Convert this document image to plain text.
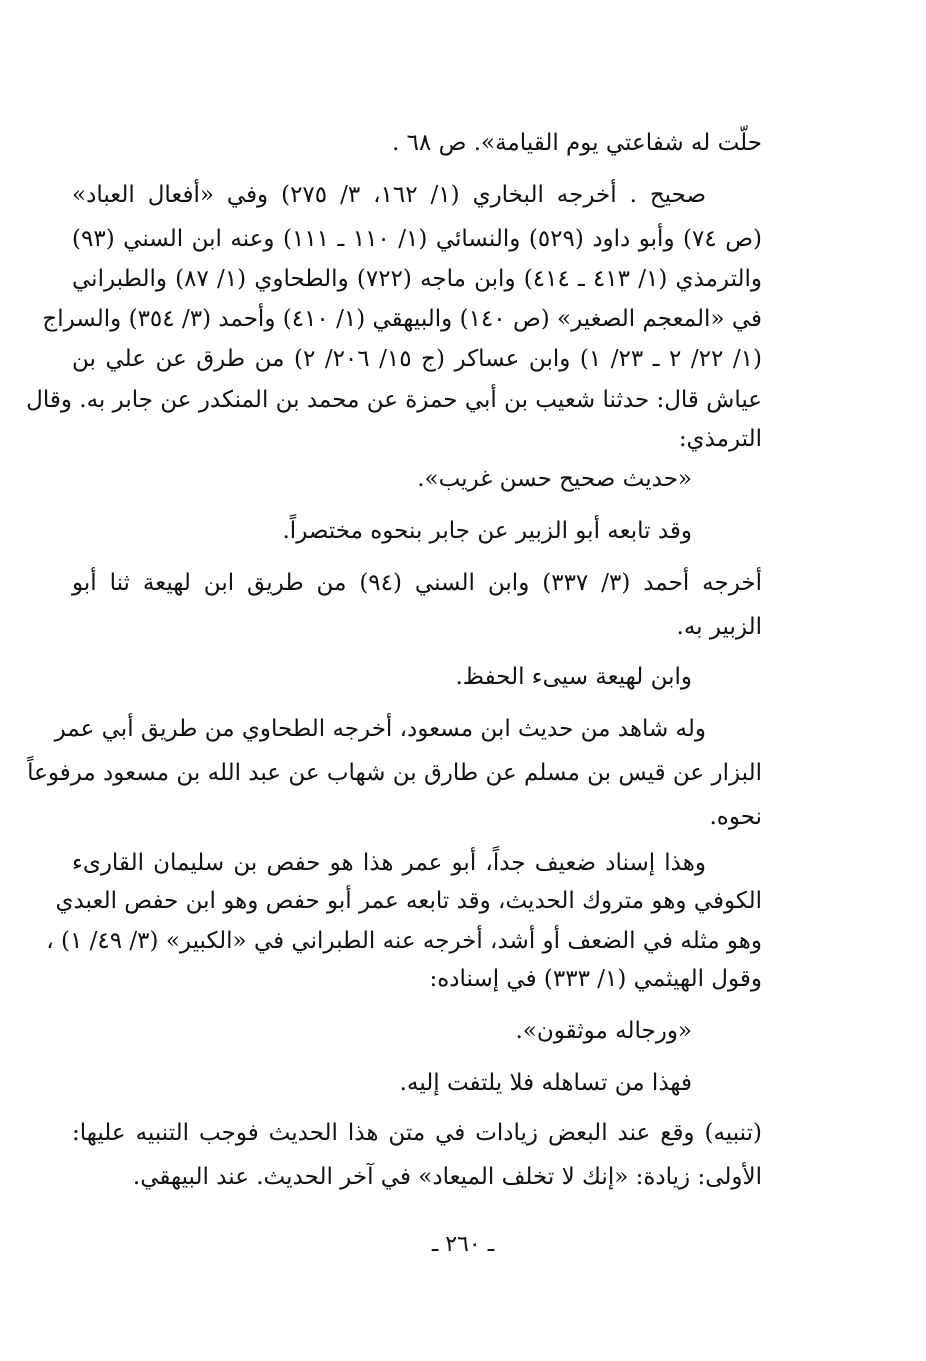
حلّت له شفاعتي يوم القيامة». ص ٦٨ .
صحيح . أخرجه البخاري (١/ ١٦٢، ٣/ ٢٧٥) وفي «أفعال العباد»
(ص ٧٤) وأبو داود (٥٢٩) والنسائي (١/ ١١٠ ـ ١١١) وعنه ابن السني (٩٣)
والترمذي (١/ ٤١٣ ـ ٤١٤) وابن ماجه (٧٢٢) والطحاوي (١/ ٨٧) والطبراني
في «المعجم الصغير» (ص ١٤٠) والبيهقي (١/ ٤١٠) وأحمد (٣/ ٣٥٤) والسراج
(١/ ٢٢/ ٢ ـ ٢٣/ ١) وابن عساكر (ج ١٥/ ٢٠٦/ ٢) من طرق عن علي بن
عياش قال: حدثنا شعيب بن أبي حمزة عن محمد بن المنكدر عن جابر به. وقال
الترمذي:
«حديث صحيح حسن غريب».
وقد تابعه أبو الزبير عن جابر بنحوه مختصراً.
أخرجه أحمد (٣/ ٣٣٧) وابن السني (٩٤) من طريق ابن لهيعة ثنا أبو
الزبير به.
وابن لهيعة سيىء الحفظ.
وله شاهد من حديث ابن مسعود، أخرجه الطحاوي من طريق أبي عمر
البزار عن قيس بن مسلم عن طارق بن شهاب عن عبد الله بن مسعود مرفوعاً
نحوه.
وهذا إسناد ضعيف جداً، أبو عمر هذا هو حفص بن سليمان القارىء
الكوفي وهو متروك الحديث، وقد تابعه عمر أبو حفص وهو ابن حفص العبدي
وهو مثله في الضعف أو أشد، أخرجه عنه الطبراني في «الكبير» (٣/ ٤٩/ ١) ،
وقول الهيثمي (١/ ٣٣٣) في إسناده:
«ورجاله موثقون».
فهذا من تساهله فلا يلتفت إليه.
(تنبيه) وقع عند البعض زيادات في متن هذا الحديث فوجب التنبيه عليها:
الأولى: زيادة: «إنك لا تخلف الميعاد» في آخر الحديث. عند البيهقي.
ـ ٢٦٠ ـ
